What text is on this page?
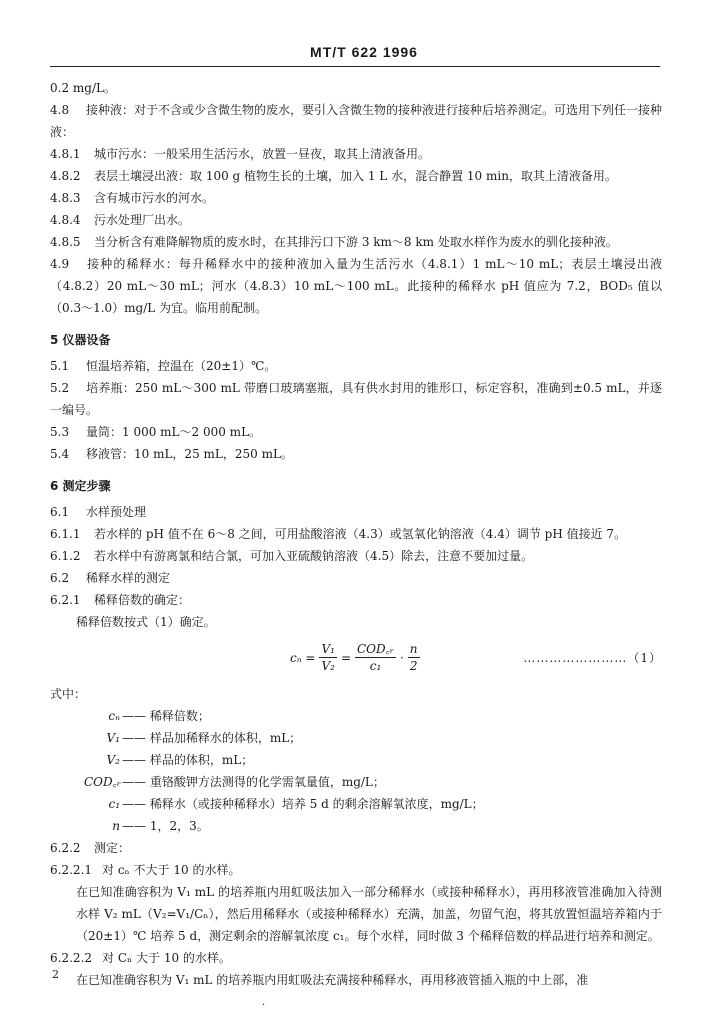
MT/T 622 1996

0.2 mg/L。

4.8 接种液：对于不含或少含微生物的废水，要引入含微生物的接种液进行接种后培养测定。可选用下列任一接种液：

4.8.1 城市污水：一般采用生活污水，放置一昼夜，取其上清液备用。

4.8.2 表层土壤浸出液：取 100 g 植物生长的土壤，加入 1 L 水，混合静置 10 min，取其上清液备用。

4.8.3 含有城市污水的河水。

4.8.4 污水处理厂出水。

4.8.5 当分析含有难降解物质的废水时，在其排污口下游 3 km～8 km 处取水样作为废水的驯化接种液。

4.9 接种的稀释水：每升稀释水中的接种液加入量为生活污水（4.8.1）1 mL～10 mL；表层土壤浸出液（4.8.2）20 mL～30 mL；河水（4.8.3）10 mL～100 mL。此接种的稀释水 pH 值应为 7.2，BOD₅ 值以（0.3～1.0）mg/L 为宜。临用前配制。

5 仪器设备

5.1 恒温培养箱，控温在（20±1）℃。

5.2 培养瓶：250 mL～300 mL 带磨口玻璃塞瓶，具有供水封用的锥形口，标定容积，准确到±0.5 mL，并逐一编号。

5.3 量筒：1 000 mL～2 000 mL。

5.4 移液管：10 mL，25 mL，250 mL。

6 测定步骤

6.1 水样预处理

6.1.1 若水样的 pH 值不在 6～8 之间，可用盐酸溶液（4.3）或氢氧化钠溶液（4.4）调节 pH 值接近 7。

6.1.2 若水样中有游离氯和结合氯，可加入亚硫酸钠溶液（4.5）除去，注意不要加过量。

6.2 稀释水样的测定

6.2.1 稀释倍数的确定：

稀释倍数按式（1）确定。

$c_n = \frac{\text{V₁}}{\text{V₂}} = \frac{\text{COD꜀ᵣ}}{\text{c₁}} \cdot \frac{n}{2}$	……………………（1）

式中：

cₙ —— 稀释倍数；
V₁ —— 样品加稀释水的体积，mL；
V₂ —— 样品的体积，mL；
COD꜀ᵣ —— 重铬酸钾方法测得的化学需氧量值，mg/L；
c₁ —— 稀释水（或接种稀释水）培养 5 d 的剩余溶解氧浓度，mg/L；
n —— 1，2，3。

6.2.2 测定：

6.2.2.1 对 cₙ 不大于 10 的水样。

在已知准确容积为 V₁ mL 的培养瓶内用虹吸法加入一部分稀释水（或接种稀释水），再用移液管准确加入待测水样 V₂ mL（V₂=V₁/Cₙ），然后用稀释水（或接种稀释水）充满，加盖，勿留气泡，将其放置恒温培养箱内于（20±1）℃ 培养 5 d，测定剩余的溶解氧浓度 c₁。每个水样，同时做 3 个稀释倍数的样品进行培养和测定。

6.2.2.2 对 Cₙ 大于 10 的水样。

在已知准确容积为 V₁ mL 的培养瓶内用虹吸法充满接种稀释水，再用移液管插入瓶的中上部，准

2
·
